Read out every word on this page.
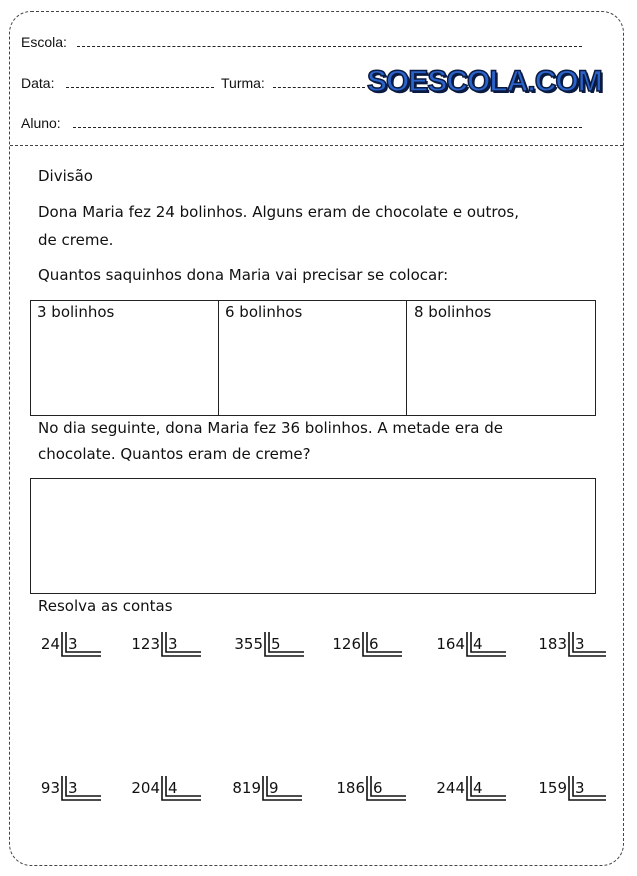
Escola:
Data:	Turma:	SOESCOLA.COM
Aluno:
Divisão
Dona Maria fez 24 bolinhos. Alguns eram de chocolate e outros,
de creme.
Quantos saquinhos dona Maria vai precisar se colocar:
3 bolinhos	6 bolinhos	8 bolinhos
No dia seguinte, dona Maria fez 36 bolinhos. A metade era de
chocolate. Quantos eram de creme?
Resolva as contas
24 3	123 3	355 5	126 6	164 4	183 3
93 3	204 4	819 9	186 6	244 4	159 3
